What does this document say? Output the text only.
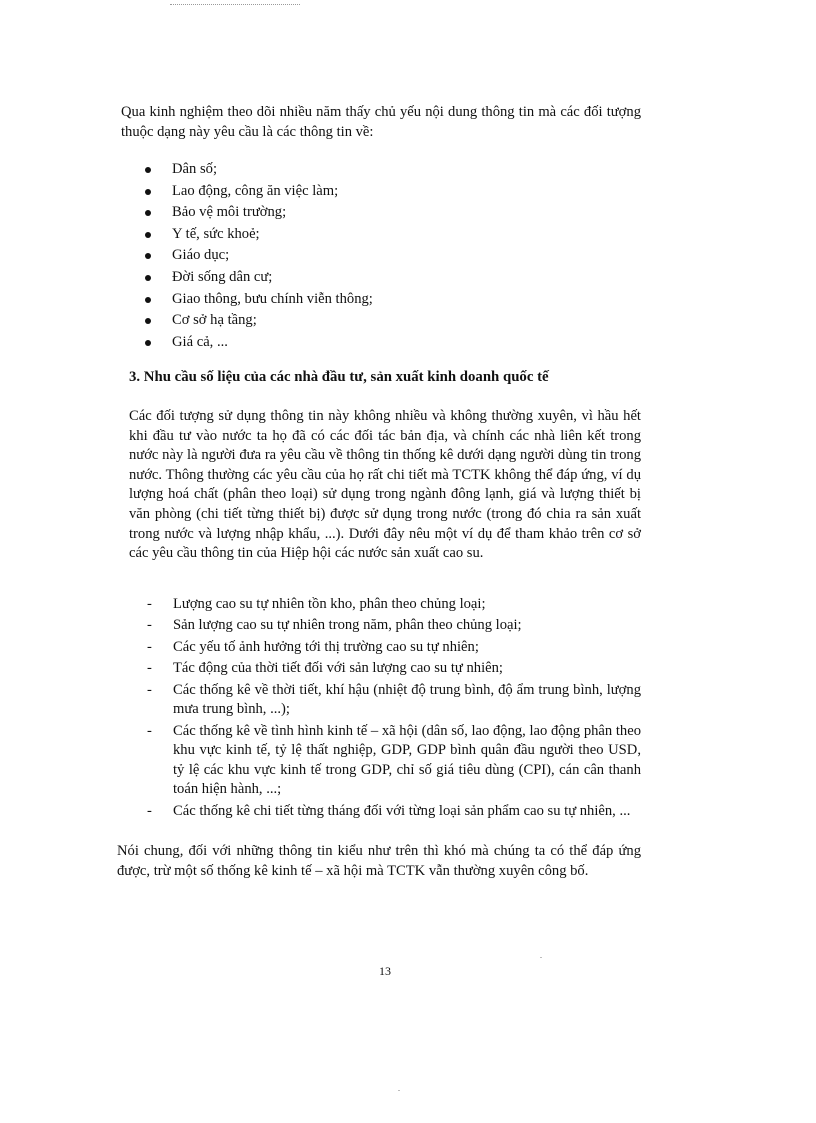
Qua kinh nghiệm theo dõi nhiều năm thấy chủ yếu nội dung thông tin mà các đối tượng thuộc dạng này yêu cầu là các thông tin về:

Dân số;
Lao động, công ăn việc làm;
Bảo vệ môi trường;
Y tế, sức khoẻ;
Giáo dục;
Đời sống dân cư;
Giao thông, bưu chính viễn thông;
Cơ sở hạ tầng;
Giá cả, ...
3. Nhu cầu số liệu của các nhà đầu tư, sản xuất kinh doanh quốc tế

Các đối tượng sử dụng thông tin này không nhiều và không thường xuyên, vì hầu hết khi đầu tư vào nước ta họ đã có các đối tác bản địa, và chính các nhà liên kết trong nước này là người đưa ra yêu cầu về thông tin thống kê dưới dạng người dùng tin trong nước. Thông thường các yêu cầu của họ rất chi tiết mà TCTK không thể đáp ứng, ví dụ lượng hoá chất (phân theo loại) sử dụng trong ngành đông lạnh, giá và lượng thiết bị văn phòng (chi tiết từng thiết bị) được sử dụng trong nước (trong đó chia ra sản xuất trong nước và lượng nhập khẩu, ...). Dưới đây nêu một ví dụ để tham khảo trên cơ sở các yêu cầu thông tin của Hiệp hội các nước sản xuất cao su.

- Lượng cao su tự nhiên tồn kho, phân theo chủng loại;
- Sản lượng cao su tự nhiên trong năm, phân theo chủng loại;
- Các yếu tố ảnh hưởng tới thị trường cao su tự nhiên;
- Tác động của thời tiết đối với sản lượng cao su tự nhiên;
- Các thống kê về thời tiết, khí hậu (nhiệt độ trung bình, độ ẩm trung bình, lượng mưa trung bình, ...);
- Các thống kê về tình hình kinh tế – xã hội (dân số, lao động, lao động phân theo khu vực kinh tế, tỷ lệ thất nghiệp, GDP, GDP bình quân đầu người theo USD, tỷ lệ các khu vực kinh tế trong GDP, chỉ số giá tiêu dùng (CPI), cán cân thanh toán hiện hành, ...;
- Các thống kê chi tiết từng tháng đối với từng loại sản phẩm cao su tự nhiên, ...

Nói chung, đối với những thông tin kiểu như trên thì khó mà chúng ta có thể đáp ứng được, trừ một số thống kê kinh tế – xã hội mà TCTK vẫn thường xuyên công bố.

13
